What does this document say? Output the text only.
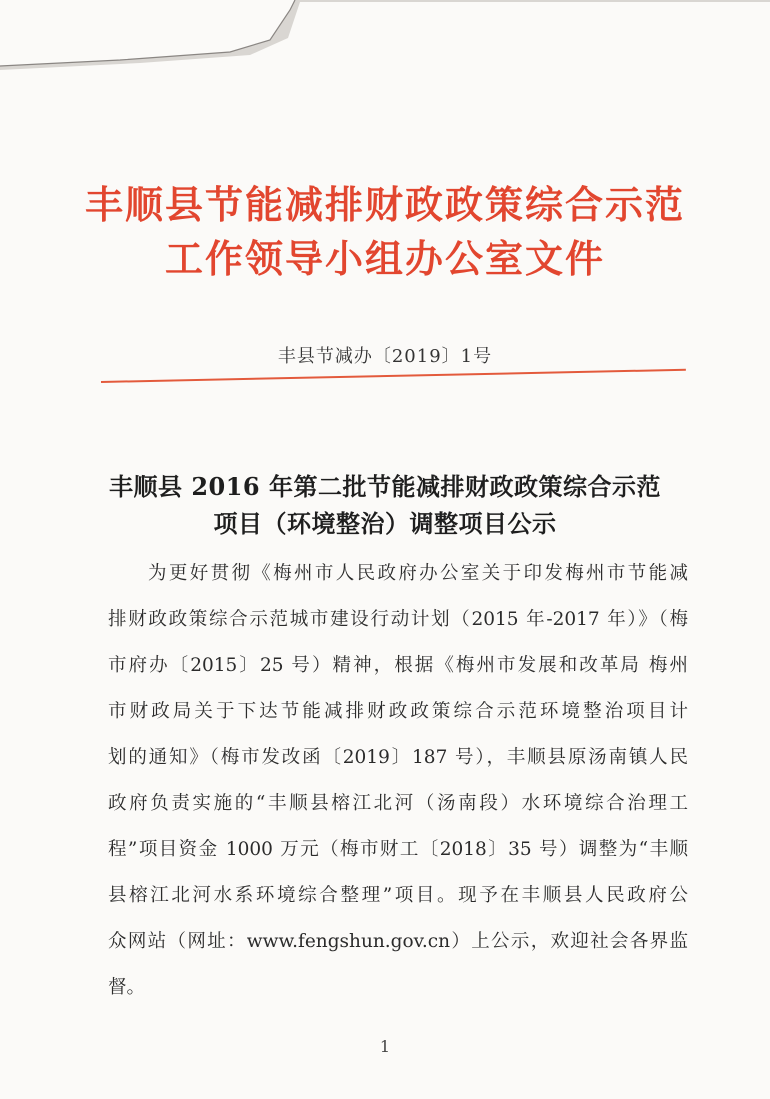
丰顺县节能减排财政政策综合示范
工作领导小组办公室文件
丰县节减办〔2019〕1号
丰顺县 2016 年第二批节能减排财政政策综合示范
项目（环境整治）调整项目公示
为更好贯彻《梅州市人民政府办公室关于印发梅州市节能减
排财政政策综合示范城市建设行动计划（2015 年-2017 年）》（梅
市府办〔2015〕25 号）精神，根据《梅州市发展和改革局 梅州
市财政局关于下达节能减排财政政策综合示范环境整治项目计
划的通知》（梅市发改函〔2019〕187 号），丰顺县原汤南镇人民
政府负责实施的“丰顺县榕江北河（汤南段）水环境综合治理工
程”项目资金 1000 万元（梅市财工〔2018〕35 号）调整为“丰顺
县榕江北河水系环境综合整理”项目。现予在丰顺县人民政府公
众网站（网址：www.fengshun.gov.cn）上公示，欢迎社会各界监
督。
1
